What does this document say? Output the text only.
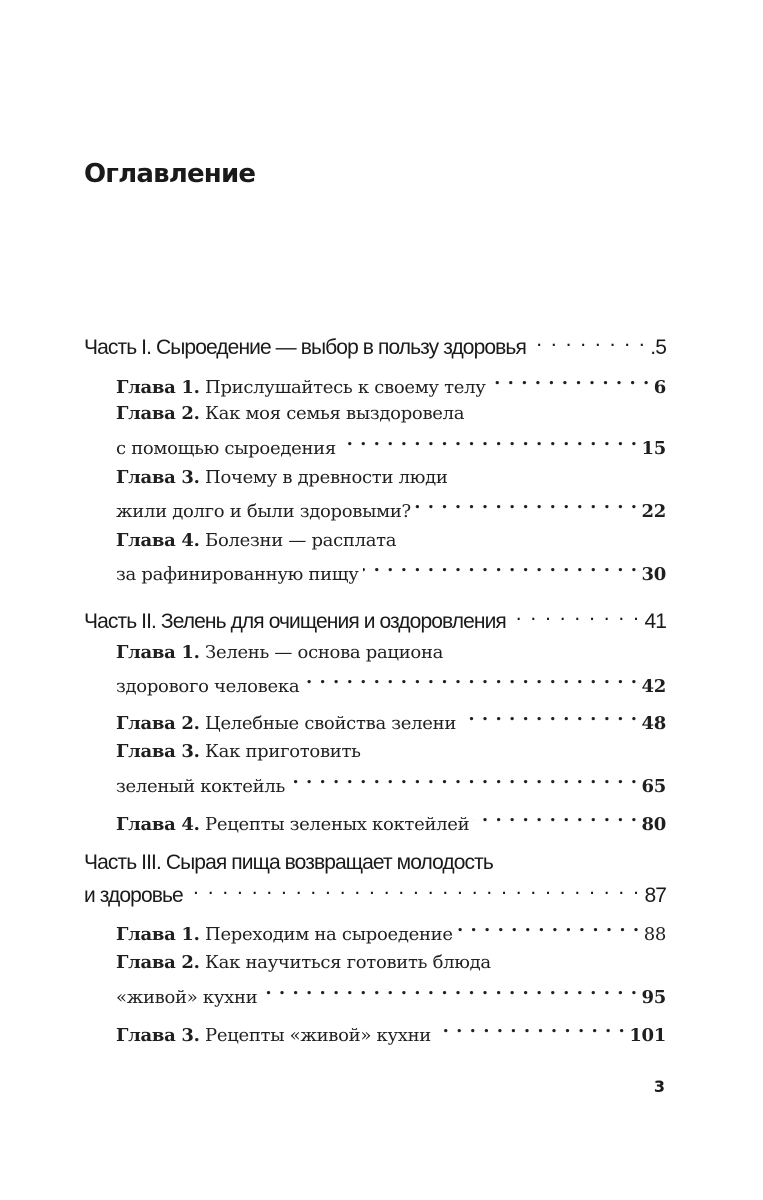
Оглавление
Часть I. Сыроедение — выбор в пользу здоровья . . .	.5
Глава 1.
Прислушайтесь к своему телу . . .	6
Глава 2.
Как моя семья выздоровела
с помощью сыроедения . . .	15
Глава 3.
Почему в древности люди
жили долго и были здоровыми? . . .	22
Глава 4.
Болезни — расплата
за рафинированную пищу . . .	30
Часть II. Зелень для очищения и оздоровления . . .	41
Глава 1.
Зелень — основа рациона
здорового человека . . .	42
Глава 2.
Целебные свойства зелени . . .	48
Глава 3.
Как приготовить
зеленый коктейль . . .	65
Глава 4.
Рецепты зеленых коктейлей . . .	80
Часть III. Сырая пища возвращает молодость
и здоровье . . .	87
Глава 1.
Переходим на сыроедение . . .	88
Глава 2.
Как научиться готовить блюда
«живой» кухни . . .	95
Глава 3.
Рецепты «живой» кухни . . .	101
3
